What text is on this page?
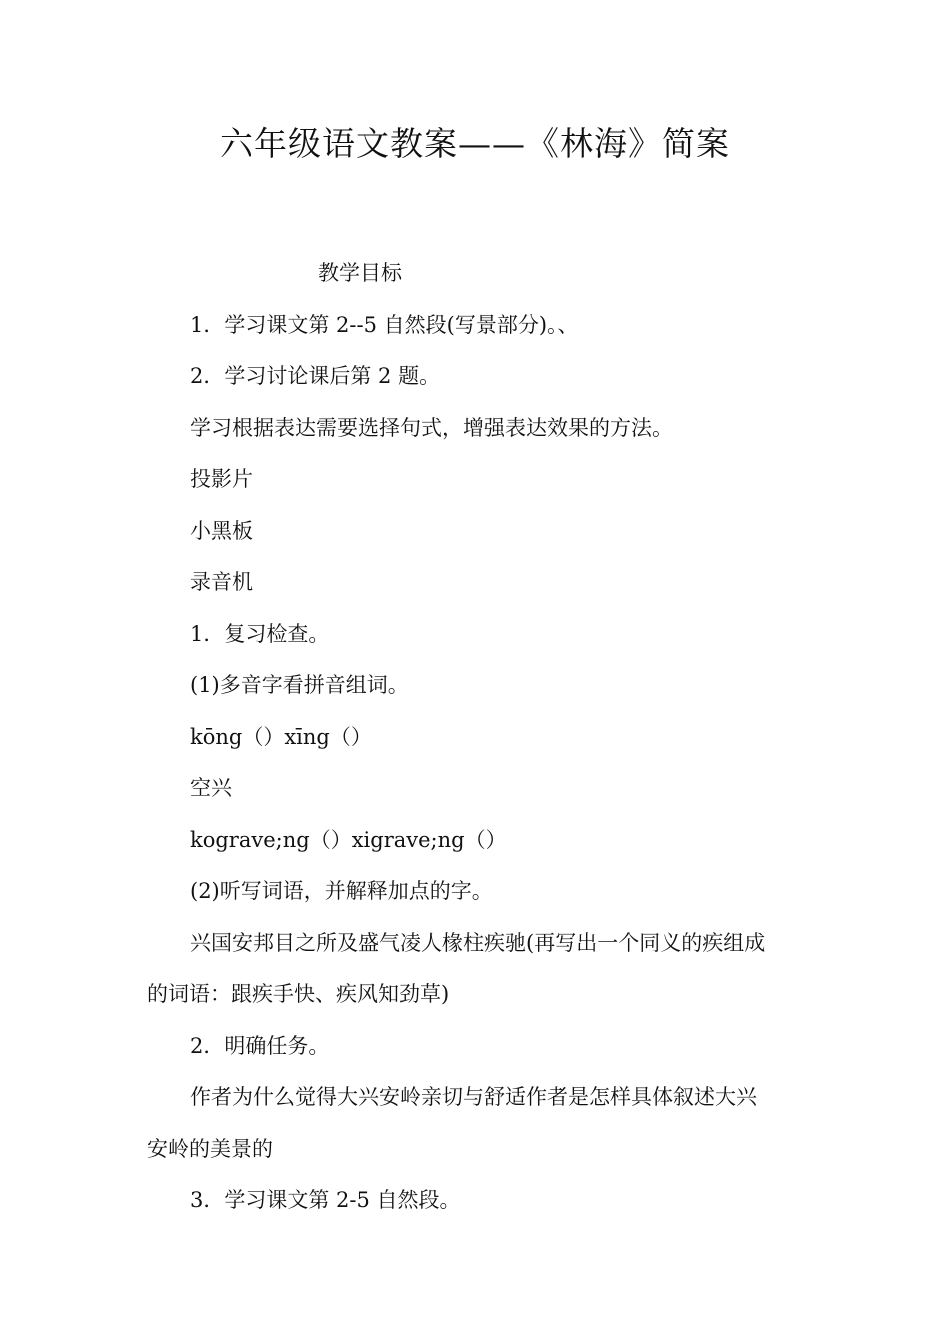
六年级语文教案——《林海》简案

教学目标

1．学习课文第 2--5 自然段(写景部分)。、

2．学习讨论课后第 2 题。

学习根据表达需要选择句式，增强表达效果的方法。

投影片

小黑板

录音机

1．复习检查。

(1)多音字看拼音组词。

kōng（）xīng（）

空兴

kograve;ng（）xigrave;ng（）

(2)听写词语，并解释加点的字。

兴国安邦目之所及盛气凌人椽柱疾驰(再写出一个同义的疾组成

的词语：跟疾手快、疾风知劲草)

2．明确任务。

作者为什么觉得大兴安岭亲切与舒适作者是怎样具体叙述大兴

安岭的美景的

3．学习课文第 2-5 自然段。
